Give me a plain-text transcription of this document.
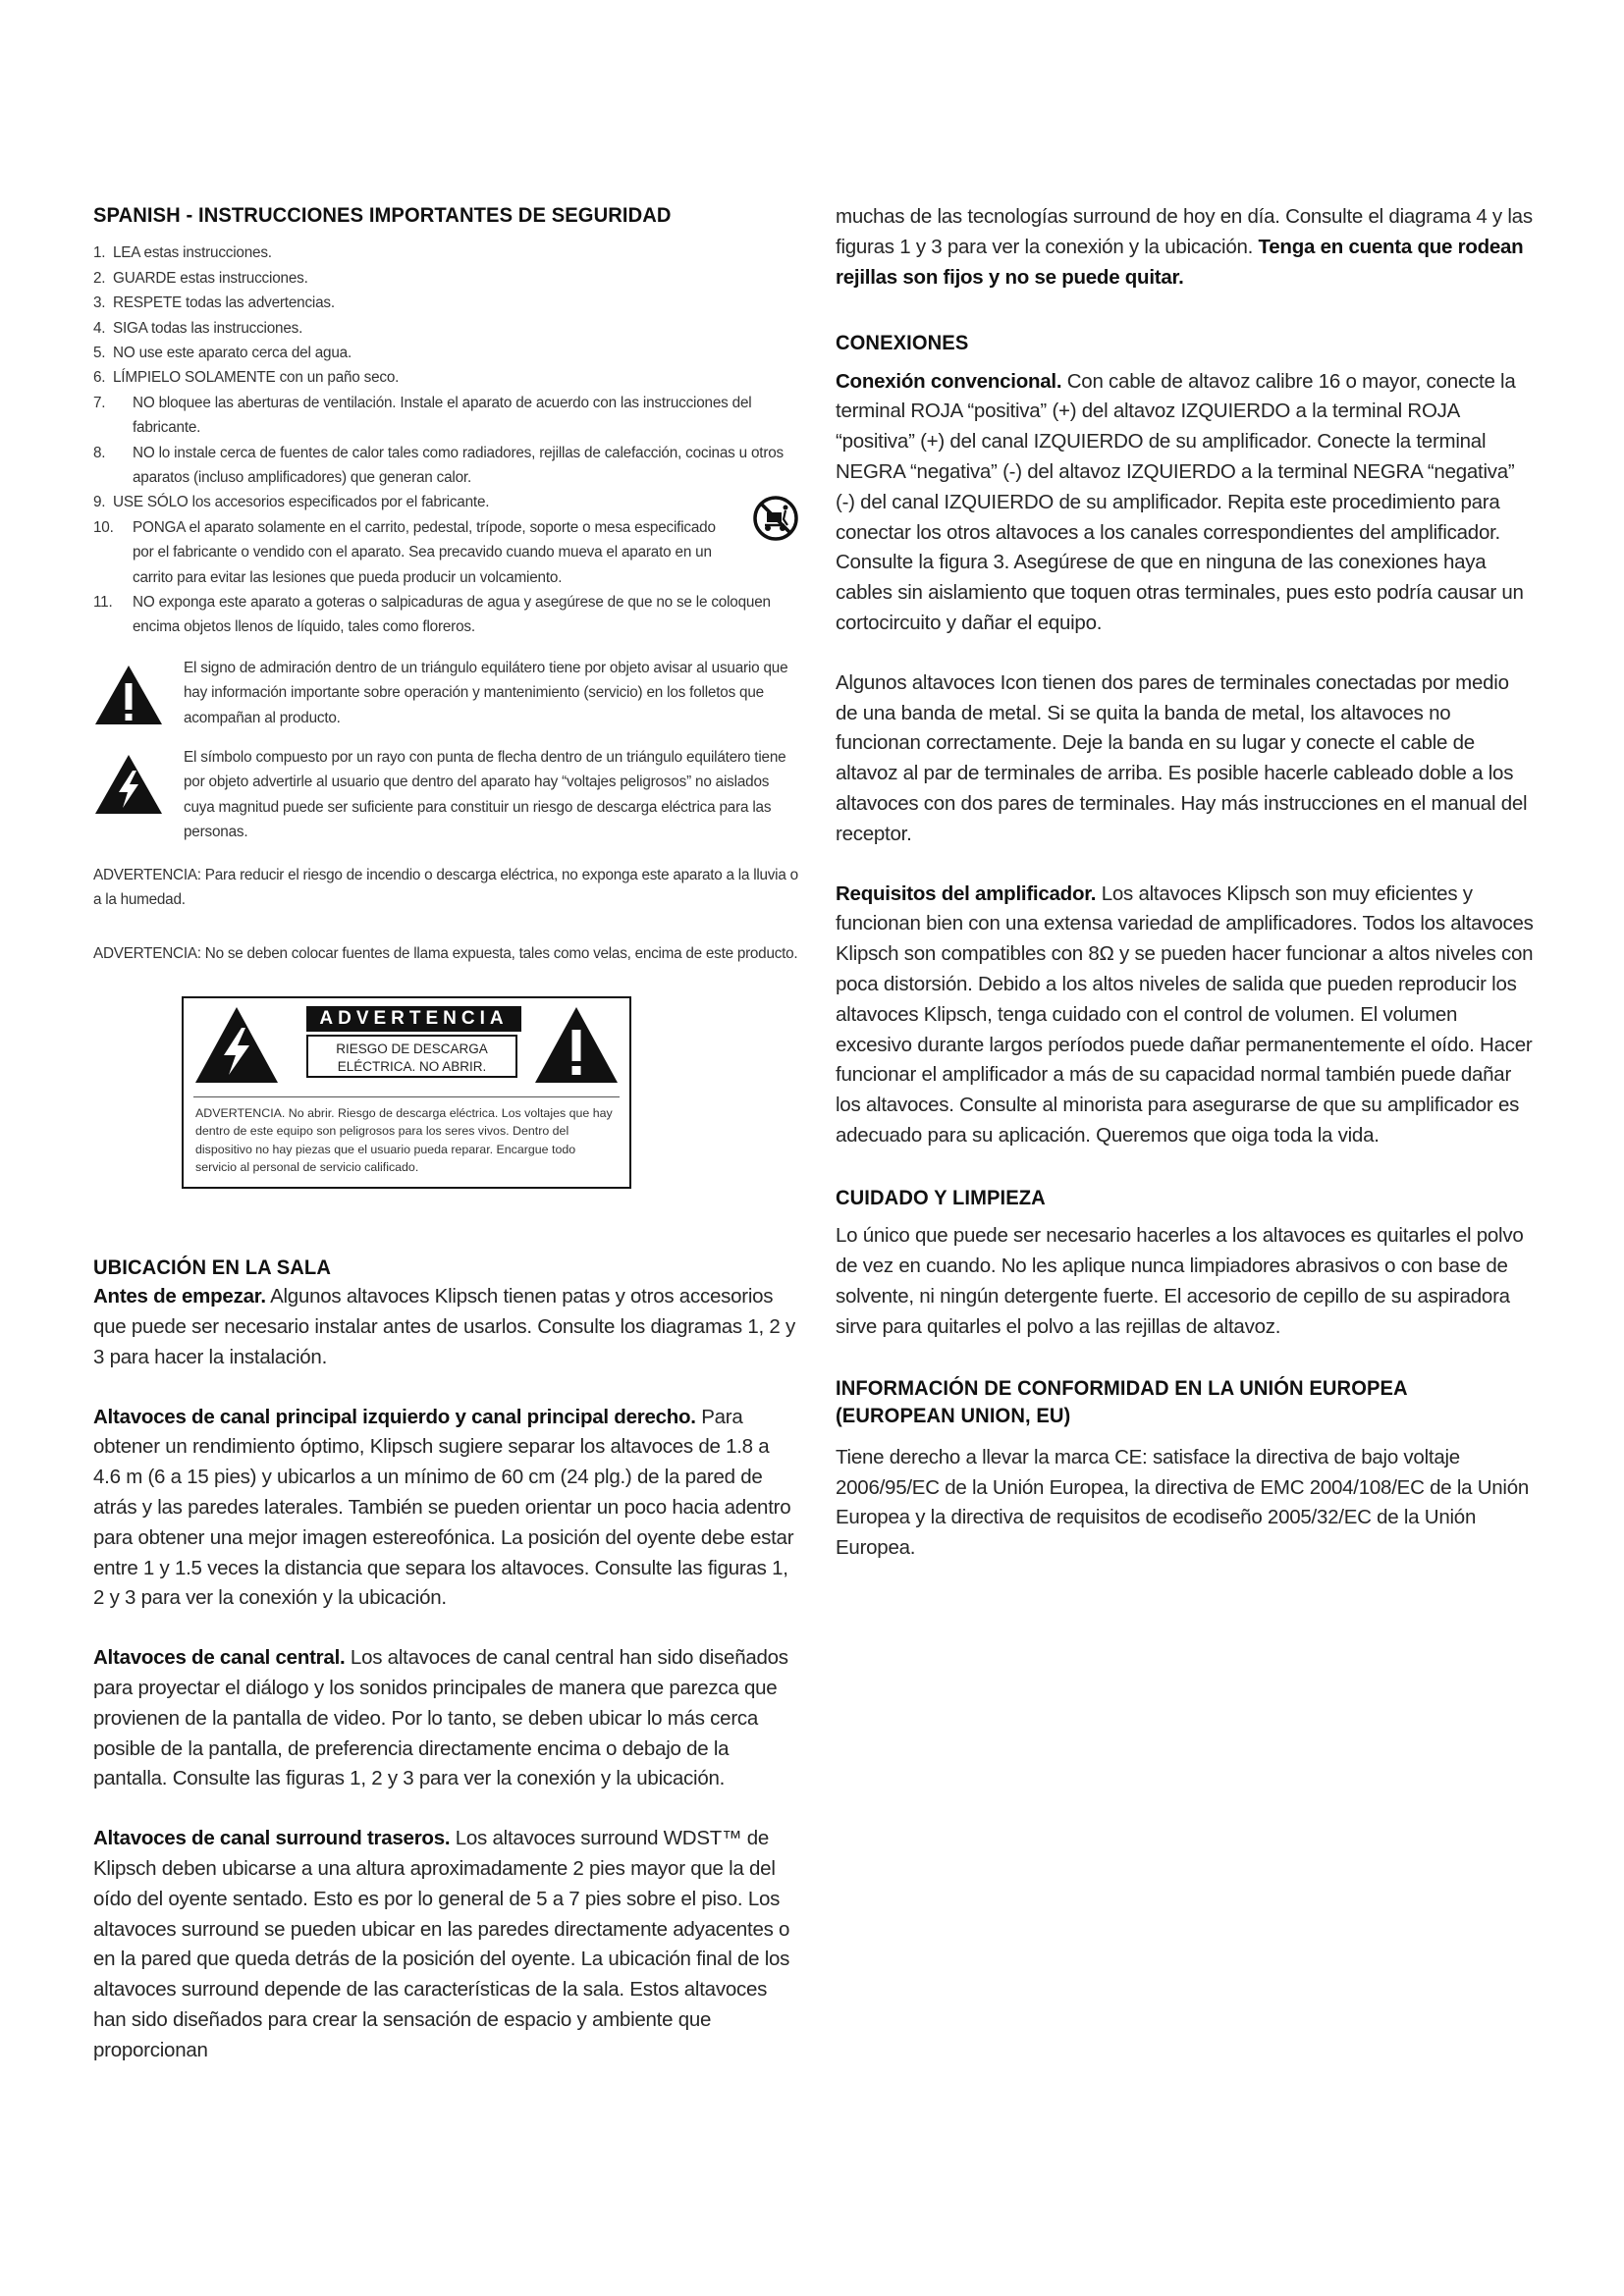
SPANISH - INSTRUCCIONES IMPORTANTES DE SEGURIDAD
1. LEA estas instrucciones.
2. GUARDE estas instrucciones.
3. RESPETE todas las advertencias.
4. SIGA todas las instrucciones.
5. NO use este aparato cerca del agua.
6. LÍMPIELO SOLAMENTE con un paño seco.
7. NO bloquee las aberturas de ventilación. Instale el aparato de acuerdo con las instrucciones del fabricante.
8. NO lo instale cerca de fuentes de calor tales como radiadores, rejillas de calefacción, cocinas u otros aparatos (incluso amplificadores) que generan calor.
9. USE SÓLO los accesorios especificados por el fabricante.
10. PONGA el aparato solamente en el carrito, pedestal, trípode, soporte o mesa especificado por el fabricante o vendido con el aparato. Sea precavido cuando mueva el aparato en un carrito para evitar las lesiones que pueda producir un volcamiento.
11. NO exponga este aparato a goteras o salpicaduras de agua y asegúrese de que no se le coloquen encima objetos llenos de líquido, tales como floreros.
El signo de admiración dentro de un triángulo equilátero tiene por objeto avisar al usuario que hay información importante sobre operación y mantenimiento (servicio) en los folletos que acompañan al producto.
El símbolo compuesto por un rayo con punta de flecha dentro de un triángulo equilátero tiene por objeto advertirle al usuario que dentro del aparato hay “voltajes peligrosos” no aislados cuya magnitud puede ser suficiente para constituir un riesgo de descarga eléctrica para las personas.

ADVERTENCIA: Para reducir el riesgo de incendio o descarga eléctrica, no exponga este aparato a la lluvia o a la humedad.

ADVERTENCIA: No se deben colocar fuentes de llama expuesta, tales como velas, encima de este producto.

ADVERTENCIA
RIESGO DE DESCARGA
ELÉCTRICA. NO ABRIR.
ADVERTENCIA. No abrir. Riesgo de descarga eléctrica. Los voltajes que hay dentro de este equipo son peligrosos para los seres vivos. Dentro del dispositivo no hay piezas que el usuario pueda reparar. Encargue todo servicio al personal de servicio calificado.
UBICACIÓN EN LA SALA

Antes de empezar. Algunos altavoces Klipsch tienen patas y otros accesorios que puede ser necesario instalar antes de usarlos. Consulte los diagramas 1, 2 y 3 para hacer la instalación.

Altavoces de canal principal izquierdo y canal principal derecho. Para obtener un rendimiento óptimo, Klipsch sugiere separar los altavoces de 1.8 a 4.6 m (6 a 15 pies) y ubicarlos a un mínimo de 60 cm (24 plg.) de la pared de atrás y las paredes laterales. También se pueden orientar un poco hacia adentro para obtener una mejor imagen estereofónica. La posición del oyente debe estar entre 1 y 1.5 veces la distancia que separa los altavoces. Consulte las figuras 1, 2 y 3 para ver la conexión y la ubicación.

Altavoces de canal central. Los altavoces de canal central han sido diseñados para proyectar el diálogo y los sonidos principales de manera que parezca que provienen de la pantalla de video. Por lo tanto, se deben ubicar lo más cerca posible de la pantalla, de preferencia directamente encima o debajo de la pantalla. Consulte las figuras 1, 2 y 3 para ver la conexión y la ubicación.

Altavoces de canal surround traseros. Los altavoces surround WDST™ de Klipsch deben ubicarse a una altura aproximadamente 2 pies mayor que la del oído del oyente sentado. Esto es por lo general de 5 a 7 pies sobre el piso. Los altavoces surround se pueden ubicar en las paredes directamente adyacentes o en la pared que queda detrás de la posición del oyente. La ubicación final de los altavoces surround depende de las características de la sala. Estos altavoces han sido diseñados para crear la sensación de espacio y ambiente que proporcionan

muchas de las tecnologías surround de hoy en día. Consulte el diagrama 4 y las figuras 1 y 3 para ver la conexión y la ubicación. Tenga en cuenta que rodean rejillas son fijos y no se puede quitar.

CONEXIONES

Conexión convencional. Con cable de altavoz calibre 16 o mayor, conecte la terminal ROJA “positiva” (+) del altavoz IZQUIERDO a la terminal ROJA “positiva” (+) del canal IZQUIERDO de su amplificador. Conecte la terminal NEGRA “negativa” (-) del altavoz IZQUIERDO a la terminal NEGRA “negativa” (-) del canal IZQUIERDO de su amplificador. Repita este procedimiento para conectar los otros altavoces a los canales correspondientes del amplificador. Consulte la figura 3. Asegúrese de que en ninguna de las conexiones haya cables sin aislamiento que toquen otras terminales, pues esto podría causar un cortocircuito y dañar el equipo.

Algunos altavoces Icon tienen dos pares de terminales conectadas por medio de una banda de metal. Si se quita la banda de metal, los altavoces no funcionan correctamente. Deje la banda en su lugar y conecte el cable de altavoz al par de terminales de arriba. Es posible hacerle cableado doble a los altavoces con dos pares de terminales. Hay más instrucciones en el manual del receptor.

Requisitos del amplificador. Los altavoces Klipsch son muy eficientes y funcionan bien con una extensa variedad de amplificadores. Todos los altavoces Klipsch son compatibles con 8Ω y se pueden hacer funcionar a altos niveles con poca distorsión. Debido a los altos niveles de salida que pueden reproducir los altavoces Klipsch, tenga cuidado con el control de volumen. El volumen excesivo durante largos períodos puede dañar permanentemente el oído. Hacer funcionar el amplificador a más de su capacidad normal también puede dañar los altavoces. Consulte al minorista para asegurarse de que su amplificador es adecuado para su aplicación. Queremos que oiga toda la vida.

CUIDADO Y LIMPIEZA

Lo único que puede ser necesario hacerles a los altavoces es quitarles el polvo de vez en cuando. No les aplique nunca limpiadores abrasivos o con base de solvente, ni ningún detergente fuerte. El accesorio de cepillo de su aspiradora sirve para quitarles el polvo a las rejillas de altavoz.

INFORMACIÓN DE CONFORMIDAD EN LA UNIÓN EUROPEA (EUROPEAN UNION, EU)

Tiene derecho a llevar la marca CE: satisface la directiva de bajo voltaje 2006/95/EC de la Unión Europea, la directiva de EMC 2004/108/EC de la Unión Europea y la directiva de requisitos de ecodiseño 2005/32/EC de la Unión Europea.
